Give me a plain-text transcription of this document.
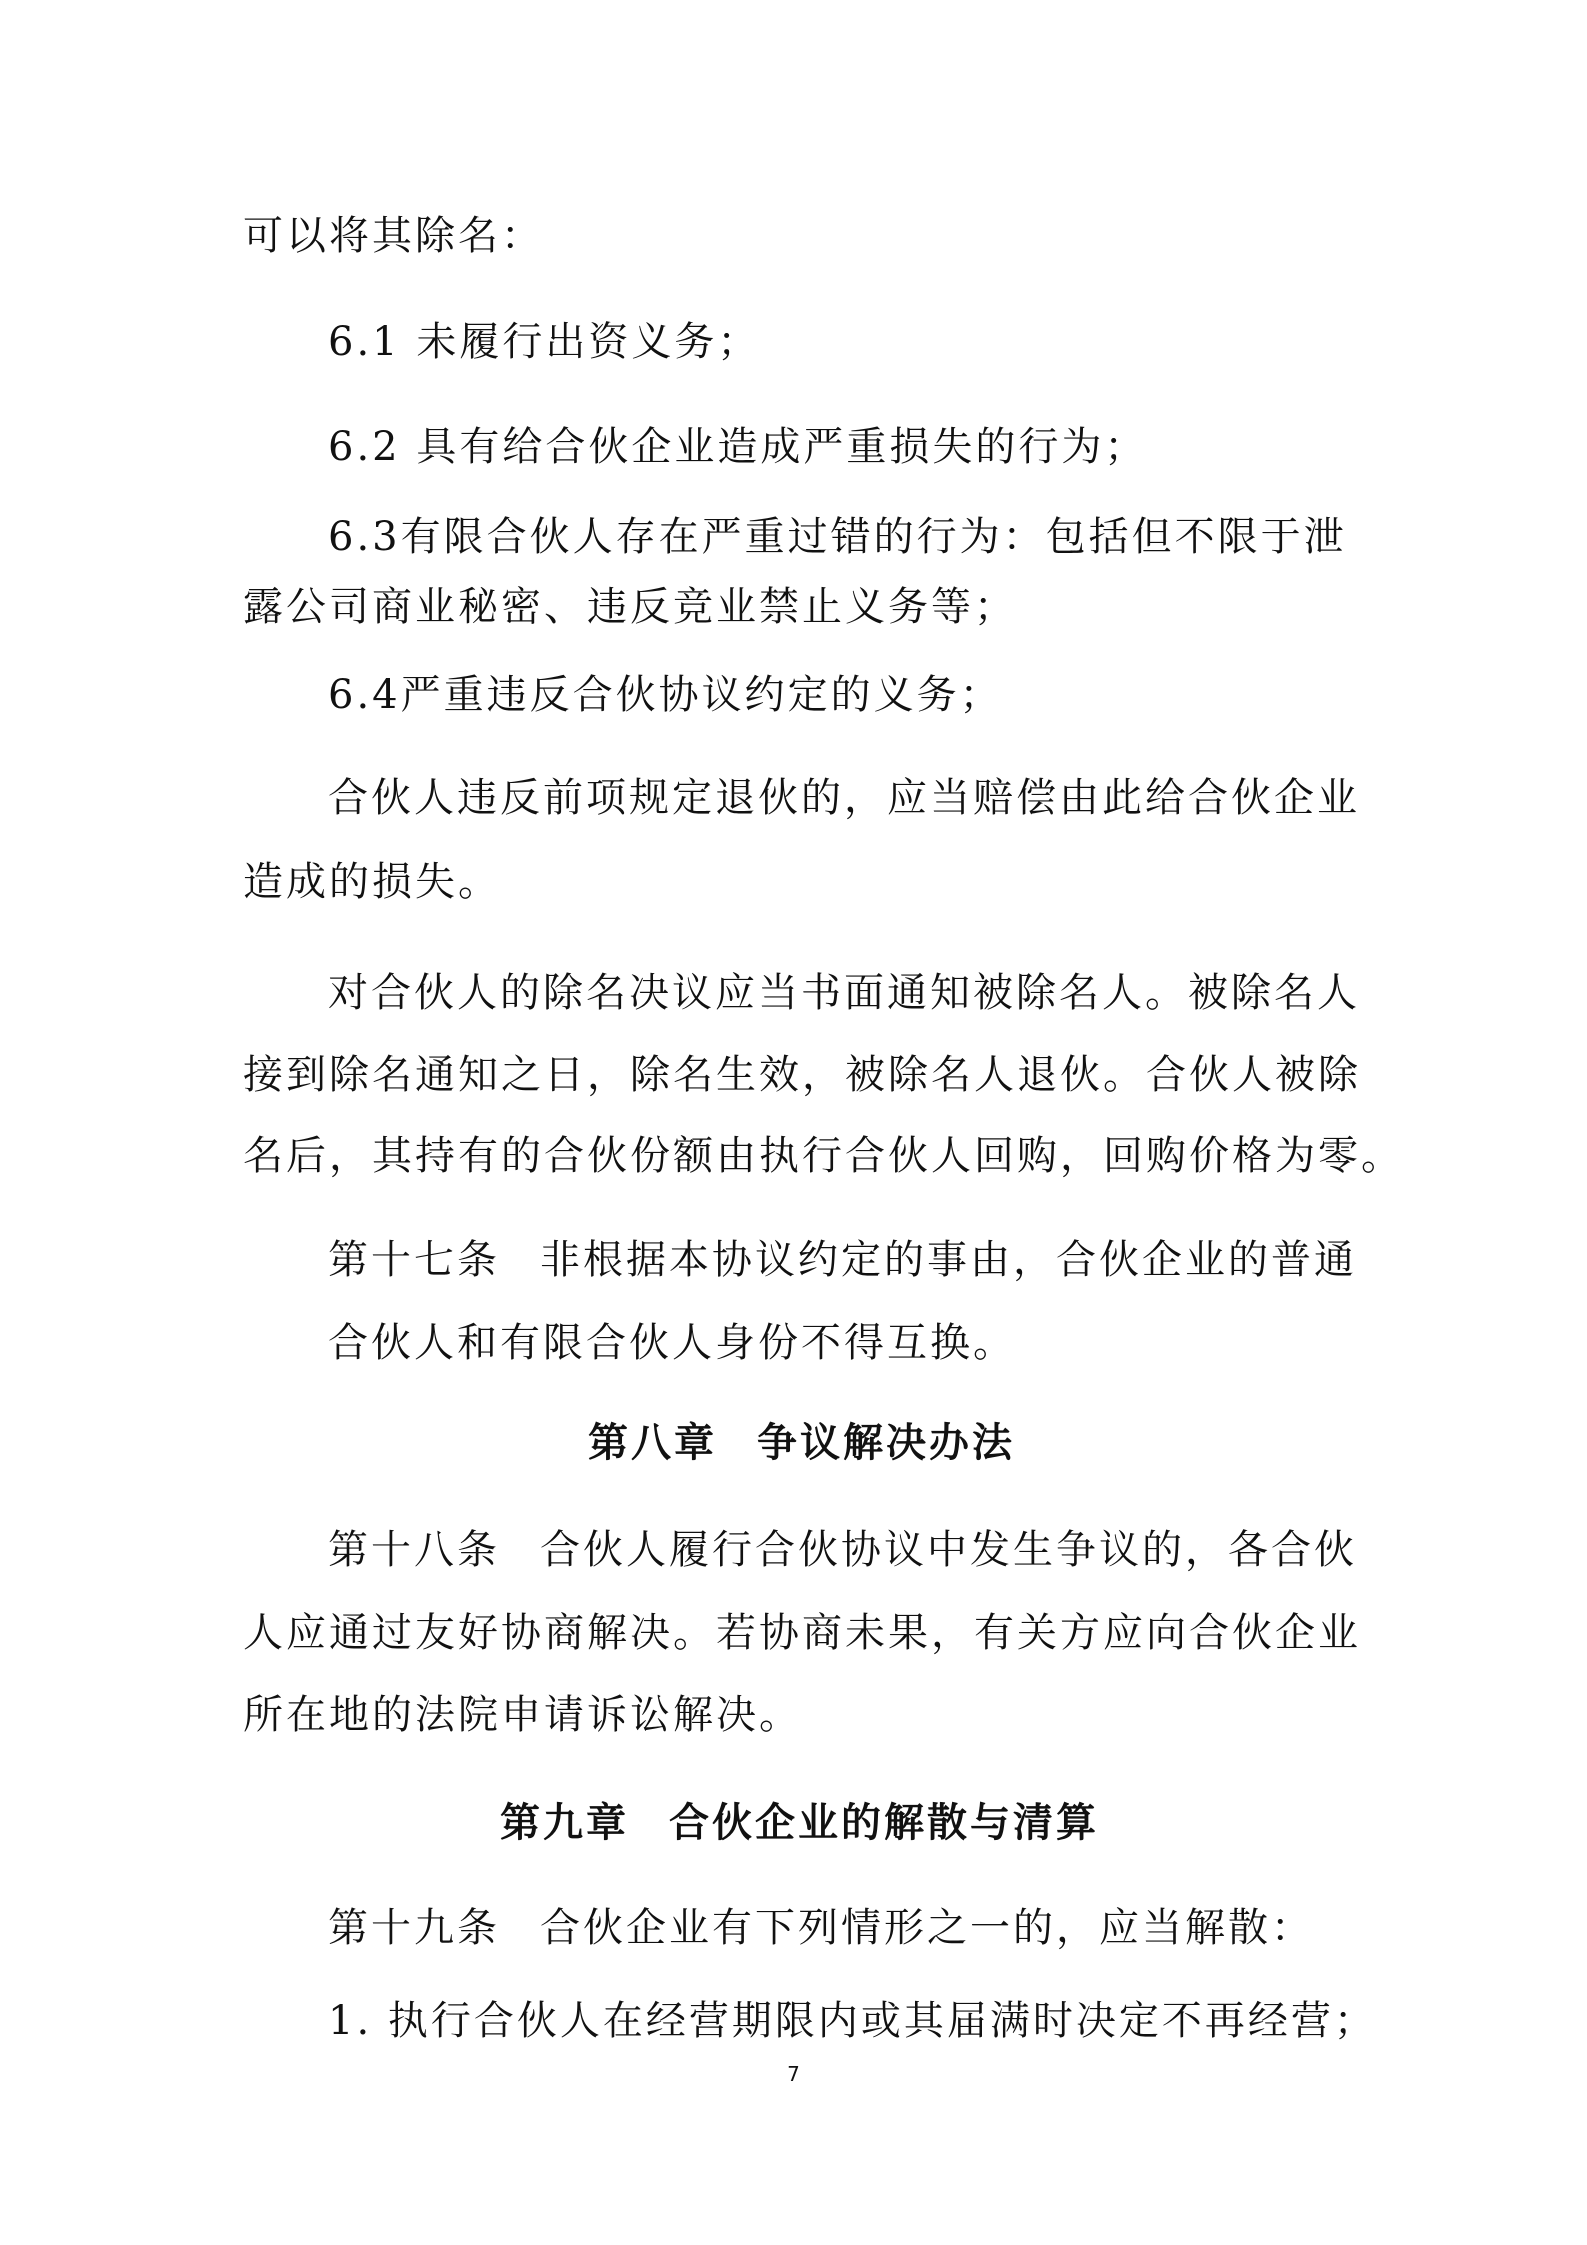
可以将其除名：
6.1 未履行出资义务；
6.2 具有给合伙企业造成严重损失的行为；
6.3有限合伙人存在严重过错的行为：包括但不限于泄
露公司商业秘密、违反竞业禁止义务等；
6.4严重违反合伙协议约定的义务；
合伙人违反前项规定退伙的，应当赔偿由此给合伙企业
造成的损失。
对合伙人的除名决议应当书面通知被除名人。被除名人
接到除名通知之日，除名生效，被除名人退伙。合伙人被除
名后，其持有的合伙份额由执行合伙人回购，回购价格为零。
第十七条 非根据本协议约定的事由，合伙企业的普通
合伙人和有限合伙人身份不得互换。
第八章 争议解决办法
第十八条 合伙人履行合伙协议中发生争议的，各合伙
人应通过友好协商解决。若协商未果，有关方应向合伙企业
所在地的法院申请诉讼解决。
第九章 合伙企业的解散与清算
第十九条 合伙企业有下列情形之一的，应当解散：
1. 执行合伙人在经营期限内或其届满时决定不再经营；
7
